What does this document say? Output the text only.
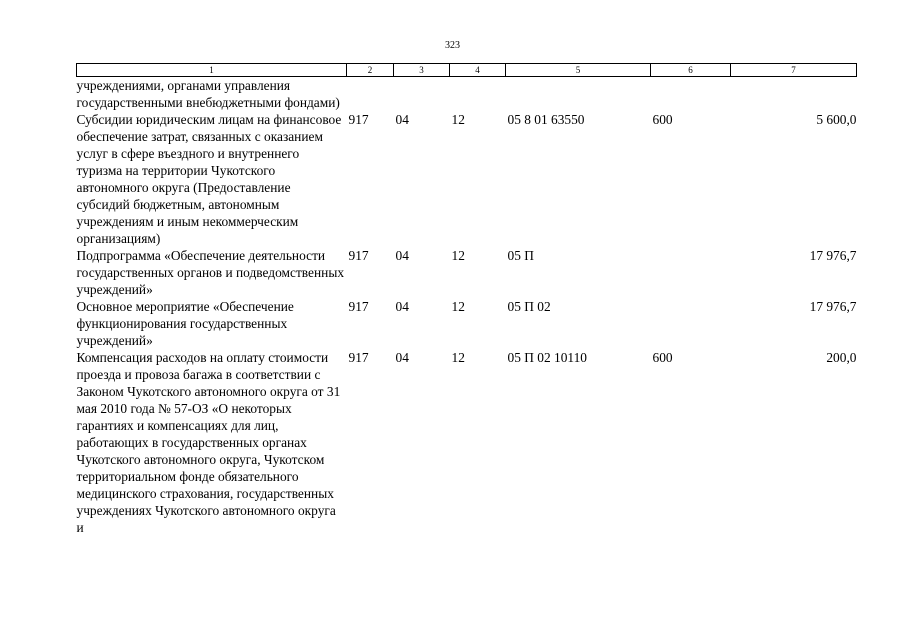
323
1	2	3	4	5	6	7
учреждениями, органами управления государственными внебюджетными фондами)						
Субсидии юридическим лицам на финансовое обеспечение затрат, связанных с оказанием услуг в сфере въездного и внутреннего туризма на территории Чукотского автономного округа (Предоставление субсидий бюджетным, автономным учреждениям и иным некоммерческим организациям)	917	04	12	05 8 01 63550	600	5 600,0
Подпрограмма «Обеспечение деятельности государственных органов и подведомственных учреждений»	917	04	12	05 П		17 976,7
Основное мероприятие «Обеспечение функционирования государственных учреждений»	917	04	12	05 П 02		17 976,7
Компенсация расходов на оплату стоимости проезда и провоза багажа в соответствии с Законом Чукотского автономного округа от 31 мая 2010 года № 57-ОЗ «О некоторых гарантиях и компенсациях для лиц, работающих в государственных органах Чукотского автономного округа, Чукотском территориальном фонде обязательного медицинского страхования, государственных учреждениях Чукотского автономного округа и	917	04	12	05 П 02 10110	600	200,0
